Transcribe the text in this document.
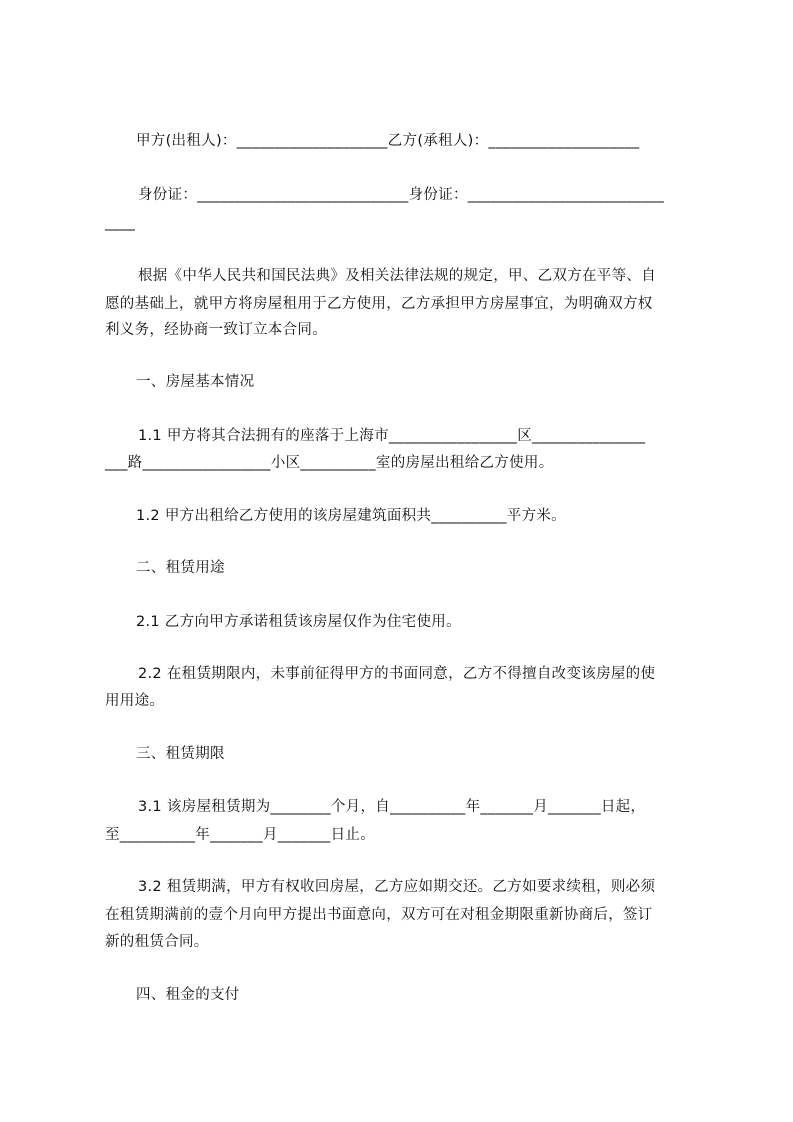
甲方(出租人)：____________________乙方(承租人)：____________________
身份证：____________________________身份证：__________________________
____
根据《中华人民共和国民法典》及相关法律法规的规定，甲、乙双方在平等、自
愿的基础上，就甲方将房屋租用于乙方使用，乙方承担甲方房屋事宜，为明确双方权
利义务，经协商一致订立本合同。
一、房屋基本情况
1.1 甲方将其合法拥有的座落于上海市_________________区_______________
___路_________________小区__________室的房屋出租给乙方使用。
1.2 甲方出租给乙方使用的该房屋建筑面积共__________平方米。
二、租赁用途
2.1 乙方向甲方承诺租赁该房屋仅作为住宅使用。
2.2 在租赁期限内，未事前征得甲方的书面同意，乙方不得擅自改变该房屋的使
用用途。
三、租赁期限
3.1 该房屋租赁期为________个月，自__________年_______月_______日起，
至__________年_______月_______日止。
3.2 租赁期满，甲方有权收回房屋，乙方应如期交还。乙方如要求续租，则必须
在租赁期满前的壹个月向甲方提出书面意向，双方可在对租金期限重新协商后，签订
新的租赁合同。
四、租金的支付
